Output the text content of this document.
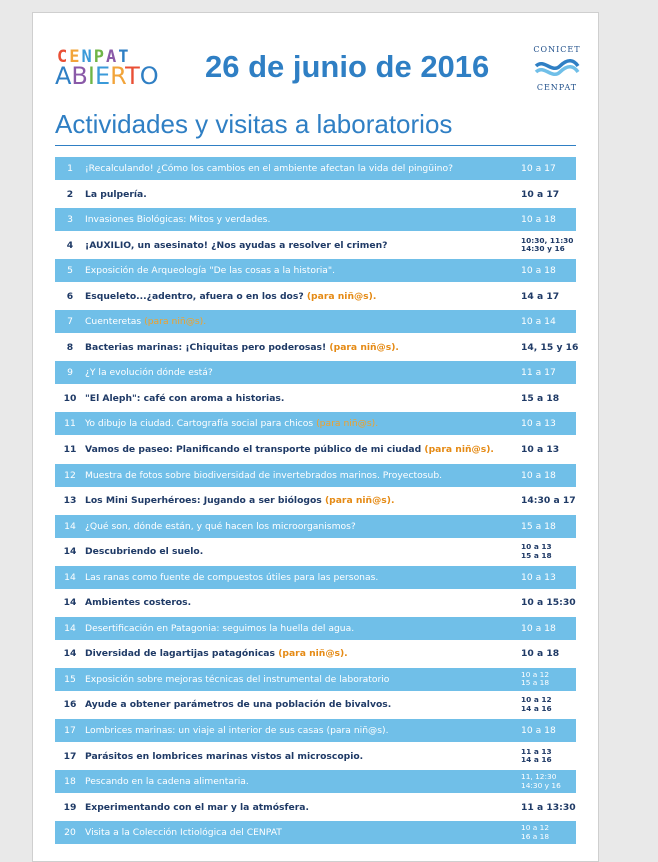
CENPAT
ABIERTO 26 de junio de 2016	CONICET
CENPAT
Actividades y visitas a laboratorios
1	¡Recalculando! ¿Cómo los cambios en el ambiente afectan la vida del pingüino?	10 a 17
2	La pulpería.	10 a 17
3	Invasiones Biológicas: Mitos y verdades.	10 a 18
4	¡AUXILIO, un asesinato! ¿Nos ayudas a resolver el crimen?	10:30, 11:30
14:30 y 16
5	Exposición de Arqueología "De las cosas a la historia".	10 a 18
6	Esqueleto...¿adentro, afuera o en los dos? (para niñ@s).	14 a 17
7	Cuenteretas (para niñ@s).	10 a 14
8	Bacterias marinas: ¡Chiquitas pero poderosas! (para niñ@s).	14, 15 y 16
9	¿Y la evolución dónde está?	11 a 17
10 "El Aleph": café con aroma a historias.	15 a 18
11 Yo dibujo la ciudad. Cartografía social para chicos (para niñ@s).	10 a 13
11 Vamos de paseo: Planificando el transporte público de mi ciudad (para niñ@s).	10 a 13
12 Muestra de fotos sobre biodiversidad de invertebrados marinos. Proyectosub.	10 a 18
13 Los Mini Superhéroes: Jugando a ser biólogos (para niñ@s).	14:30 a 17
14 ¿Qué son, dónde están, y qué hacen los microorganismos?	15 a 18
14 Descubriendo el suelo.	10 a 13
15 a 18
14 Las ranas como fuente de compuestos útiles para las personas.	10 a 13
14 Ambientes costeros.	10 a 15:30
14 Desertificación en Patagonia: seguimos la huella del agua.	10 a 18
14 Diversidad de lagartijas patagónicas (para niñ@s).	10 a 18
15 Exposición sobre mejoras técnicas del instrumental de laboratorio	10 a 12
15 a 18
16 Ayude a obtener parámetros de una población de bivalvos.	10 a 12
14 a 16
17 Lombrices marinas: un viaje al interior de sus casas (para niñ@s).	10 a 18
17 Parásitos en lombrices marinas vistos al microscopio.	11 a 13
14 a 16
18 Pescando en la cadena alimentaria.	11, 12:30
14:30 y 16
19 Experimentando con el mar y la atmósfera.	11 a 13:30
20 Visita a la Colección Ictiológica del CENPAT	10 a 12
16 a 18
